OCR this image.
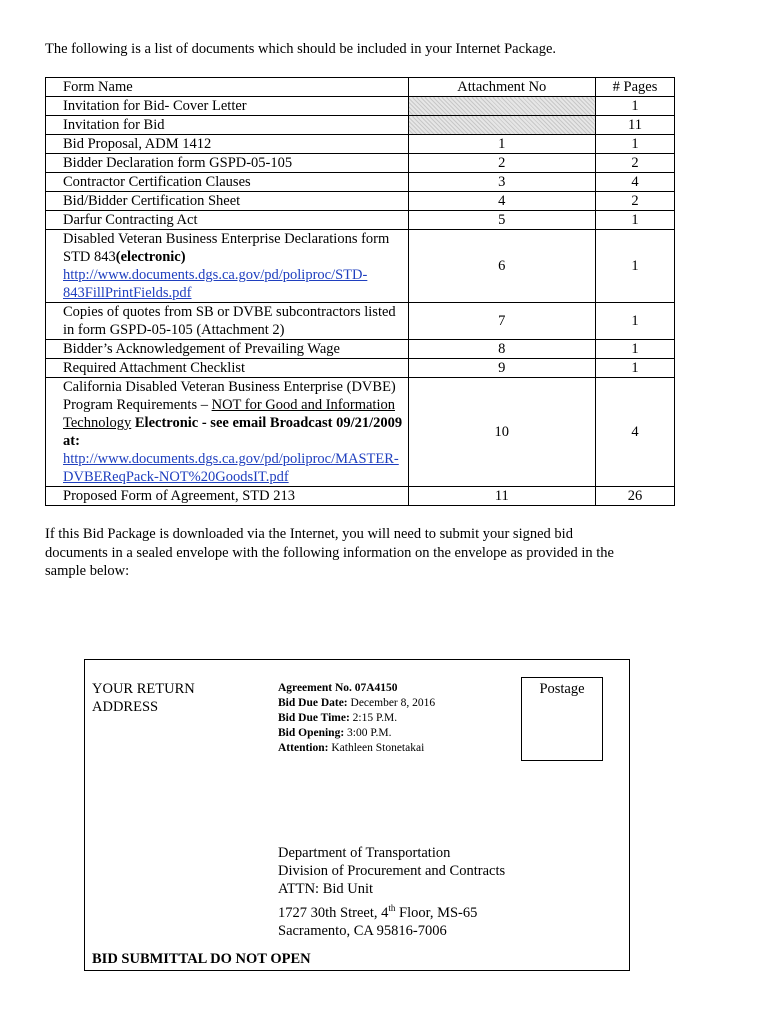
The following is a list of documents which should be included in your Internet Package.
Form Name	Attachment No	# Pages
Invitation for Bid- Cover Letter		1
Invitation for Bid		11
Bid Proposal, ADM 1412	1	1
Bidder Declaration form GSPD-05-105	2	2
Contractor Certification Clauses	3	4
Bid/Bidder Certification Sheet	4	2
Darfur Contracting Act	5	1
Disabled Veteran Business Enterprise Declarations form STD 843(electronic)
http://www.documents.dgs.ca.gov/pd/poliproc/STD-843FillPrintFields.pdf	6	1
Copies of quotes from SB or DVBE subcontractors listed in form GSPD-05-105 (Attachment 2)	7	1
Bidder’s Acknowledgement of Prevailing Wage	8	1
Required Attachment Checklist	9	1
California Disabled Veteran Business Enterprise (DVBE) Program Requirements – NOT for Good and Information Technology Electronic - see email Broadcast 09/21/2009 at:
http://www.documents.dgs.ca.gov/pd/poliproc/MASTER-DVBEReqPack-NOT%20GoodsIT.pdf	10	4
Proposed Form of Agreement, STD 213	11	26
If this Bid Package is downloaded via the Internet, you will need to submit your signed bid documents in a sealed envelope with the following information on the envelope as provided in the sample below:
YOUR RETURN
ADDRESS
Agreement No. 07A4150
Bid Due Date: December 8, 2016
Bid Due Time: 2:15 P.M.
Bid Opening: 3:00 P.M.
Attention: Kathleen Stonetakai
Postage
Department of Transportation
Division of Procurement and Contracts
ATTN: Bid Unit
1727 30th Street, 4th Floor, MS-65
Sacramento, CA 95816-7006
BID SUBMITTAL DO NOT OPEN
